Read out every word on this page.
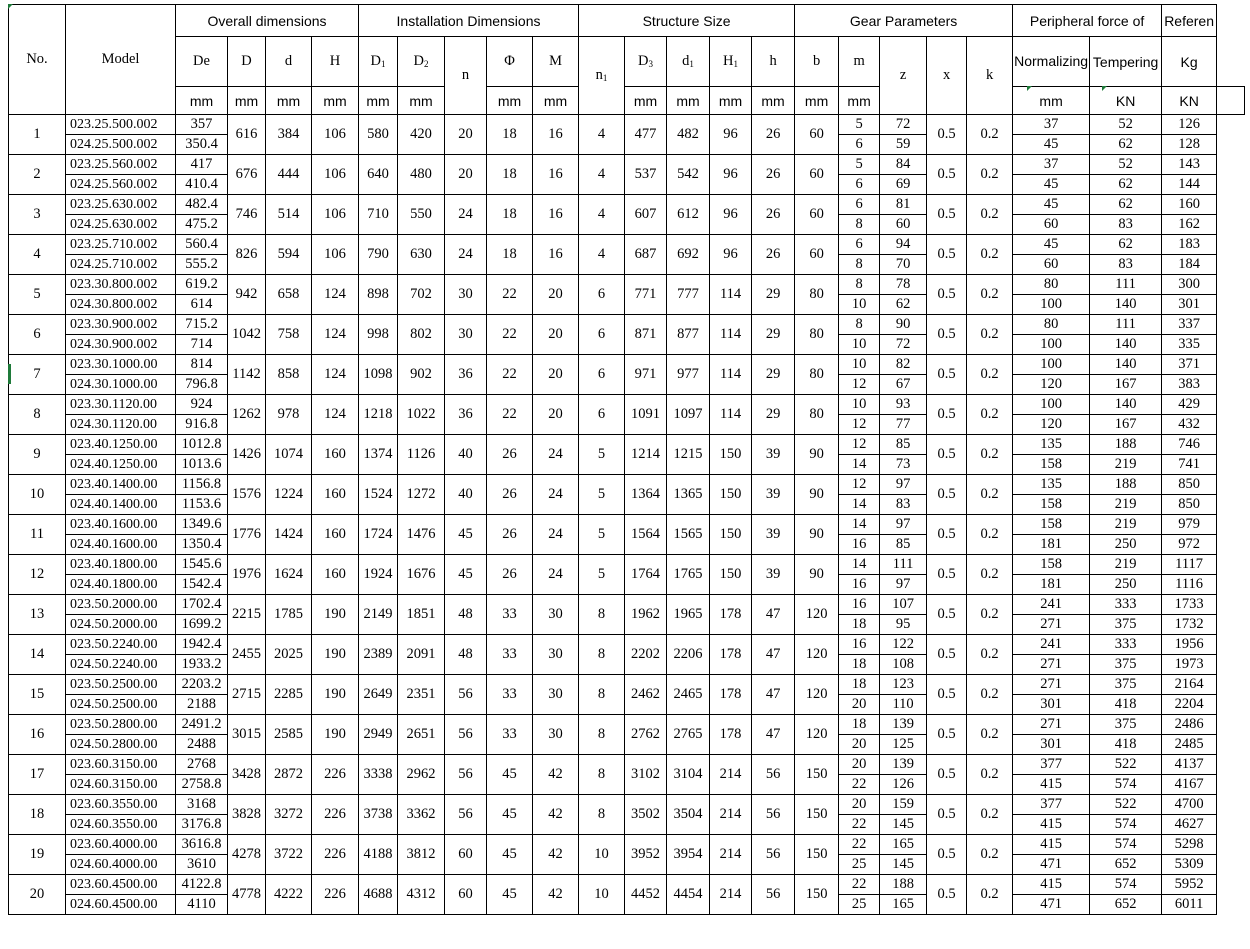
No.	Model	Overall dimensions				Installation Dimensions					Structure Size					Gear Parameters					Peripheral force of		Referen	
		De	D	d	H	$D_1$	$D_2$	n	Φ	M	$n_1$	$D_3$	$d_1$	$H_1$	h	b	m	z	x	k	Normalizing	Tempering	Kg	
		mm	mm	mm	mm	mm	mm		mm	mm		mm	mm	mm	mm	mm	mm				mm	KN	KN	
1	023.25.500.002	357	616	384	106	580	420	20	18	16	4	477	482	96	26	60	5	72	0.5	0.2	37	52	126	
	024.25.500.002	350.4															6	59			45	62	128	
2	023.25.560.002	417	676	444	106	640	480	20	18	16	4	537	542	96	26	60	5	84	0.5	0.2	37	52	143	
	024.25.560.002	410.4															6	69			45	62	144	
3	023.25.630.002	482.4	746	514	106	710	550	24	18	16	4	607	612	96	26	60	6	81	0.5	0.2	45	62	160	
	024.25.630.002	475.2															8	60			60	83	162	
4	023.25.710.002	560.4	826	594	106	790	630	24	18	16	4	687	692	96	26	60	6	94	0.5	0.2	45	62	183	
	024.25.710.002	555.2															8	70			60	83	184	
5	023.30.800.002	619.2	942	658	124	898	702	30	22	20	6	771	777	114	29	80	8	78	0.5	0.2	80	111	300	
	024.30.800.002	614															10	62			100	140	301	
6	023.30.900.002	715.2	1042	758	124	998	802	30	22	20	6	871	877	114	29	80	8	90	0.5	0.2	80	111	337	
	024.30.900.002	714															10	72			100	140	335	
7	023.30.1000.00	814	1142	858	124	1098	902	36	22	20	6	971	977	114	29	80	10	82	0.5	0.2	100	140	371	
	024.30.1000.00	796.8															12	67			120	167	383	
8	023.30.1120.00	924	1262	978	124	1218	1022	36	22	20	6	1091	1097	114	29	80	10	93	0.5	0.2	100	140	429	
	024.30.1120.00	916.8															12	77			120	167	432	
9	023.40.1250.00	1012.8	1426	1074	160	1374	1126	40	26	24	5	1214	1215	150	39	90	12	85	0.5	0.2	135	188	746	
	024.40.1250.00	1013.6															14	73			158	219	741	
10	023.40.1400.00	1156.8	1576	1224	160	1524	1272	40	26	24	5	1364	1365	150	39	90	12	97	0.5	0.2	135	188	850	
	024.40.1400.00	1153.6															14	83			158	219	850	
11	023.40.1600.00	1349.6	1776	1424	160	1724	1476	45	26	24	5	1564	1565	150	39	90	14	97	0.5	0.2	158	219	979	
	024.40.1600.00	1350.4															16	85			181	250	972	
12	023.40.1800.00	1545.6	1976	1624	160	1924	1676	45	26	24	5	1764	1765	150	39	90	14	111	0.5	0.2	158	219	1117	
	024.40.1800.00	1542.4															16	97			181	250	1116	
13	023.50.2000.00	1702.4	2215	1785	190	2149	1851	48	33	30	8	1962	1965	178	47	120	16	107	0.5	0.2	241	333	1733	
	024.50.2000.00	1699.2															18	95			271	375	1732	
14	023.50.2240.00	1942.4	2455	2025	190	2389	2091	48	33	30	8	2202	2206	178	47	120	16	122	0.5	0.2	241	333	1956	
	024.50.2240.00	1933.2															18	108			271	375	1973	
15	023.50.2500.00	2203.2	2715	2285	190	2649	2351	56	33	30	8	2462	2465	178	47	120	18	123	0.5	0.2	271	375	2164	
	024.50.2500.00	2188															20	110			301	418	2204	
16	023.50.2800.00	2491.2	3015	2585	190	2949	2651	56	33	30	8	2762	2765	178	47	120	18	139	0.5	0.2	271	375	2486	
	024.50.2800.00	2488															20	125			301	418	2485	
17	023.60.3150.00	2768	3428	2872	226	3338	2962	56	45	42	8	3102	3104	214	56	150	20	139	0.5	0.2	377	522	4137	
	024.60.3150.00	2758.8															22	126			415	574	4167	
18	023.60.3550.00	3168	3828	3272	226	3738	3362	56	45	42	8	3502	3504	214	56	150	20	159	0.5	0.2	377	522	4700	
	024.60.3550.00	3176.8															22	145			415	574	4627	
19	023.60.4000.00	3616.8	4278	3722	226	4188	3812	60	45	42	10	3952	3954	214	56	150	22	165	0.5	0.2	415	574	5298	
	024.60.4000.00	3610															25	145			471	652	5309	
20	023.60.4500.00	4122.8	4778	4222	226	4688	4312	60	45	42	10	4452	4454	214	56	150	22	188	0.5	0.2	415	574	5952	
	024.60.4500.00	4110															25	165			471	652	6011	
